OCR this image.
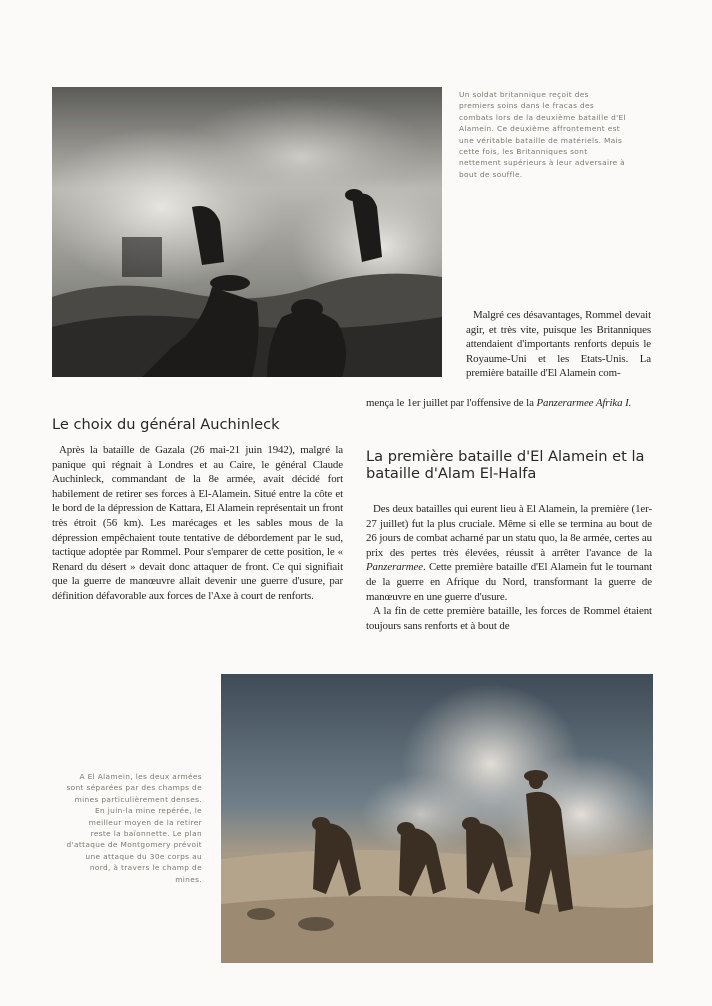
Un soldat britannique reçoit des premiers soins dans le fracas des combats lors de la deuxième bataille d'El Alamein. Ce deuxième affrontement est une véritable bataille de matériels. Mais cette fois, les Britanniques sont nettement supérieurs à leur adversaire à bout de souffle.

Malgré ces désavantages, Rommel devait agir, et très vite, puisque les Britanniques attendaient d'importants renforts depuis le Royaume-Uni et les Etats-Unis. La première bataille d'El Alamein com-

mença le 1er juillet par l'offensive de la Panzerarmee Afrika I.

Le choix du général Auchinleck

Après la bataille de Gazala (26 mai-21 juin 1942), malgré la panique qui régnait à Londres et au Caire, le général Claude Auchinleck, commandant de la 8e armée, avait décidé fort habilement de retirer ses forces à El-Alamein. Situé entre la côte et le bord de la dépression de Kattara, El Alamein représentait un front très étroit (56 km). Les marécages et les sables mous de la dépression empêchaient toute tentative de débordement par le sud, tactique adoptée par Rommel. Pour s'emparer de cette position, le « Renard du désert » devait donc attaquer de front. Ce qui signifiait que la guerre de manœuvre allait devenir une guerre d'usure, par définition défavorable aux forces de l'Axe à court de renforts.

La première bataille d'El Alamein et la bataille d'Alam El-Halfa

Des deux batailles qui eurent lieu à El Alamein, la première (1er-27 juillet) fut la plus cruciale. Même si elle se termina au bout de 26 jours de combat acharné par un statu quo, la 8e armée, certes au prix des pertes très élevées, réussit à arrêter l'avance de la Panzerarmee. Cette première bataille d'El Alamein fut le tournant de la guerre en Afrique du Nord, transformant la guerre de manœuvre en une guerre d'usure.

A la fin de cette première bataille, les forces de Rommel étaient toujours sans renforts et à bout de

A El Alamein, les deux armées sont séparées par des champs de mines particulièrement denses. En juin-la mine repérée, le meilleur moyen de la retirer reste la baïonnette. Le plan d'attaque de Montgomery prévoit une attaque du 30e corps au nord, à travers le champ de mines.
